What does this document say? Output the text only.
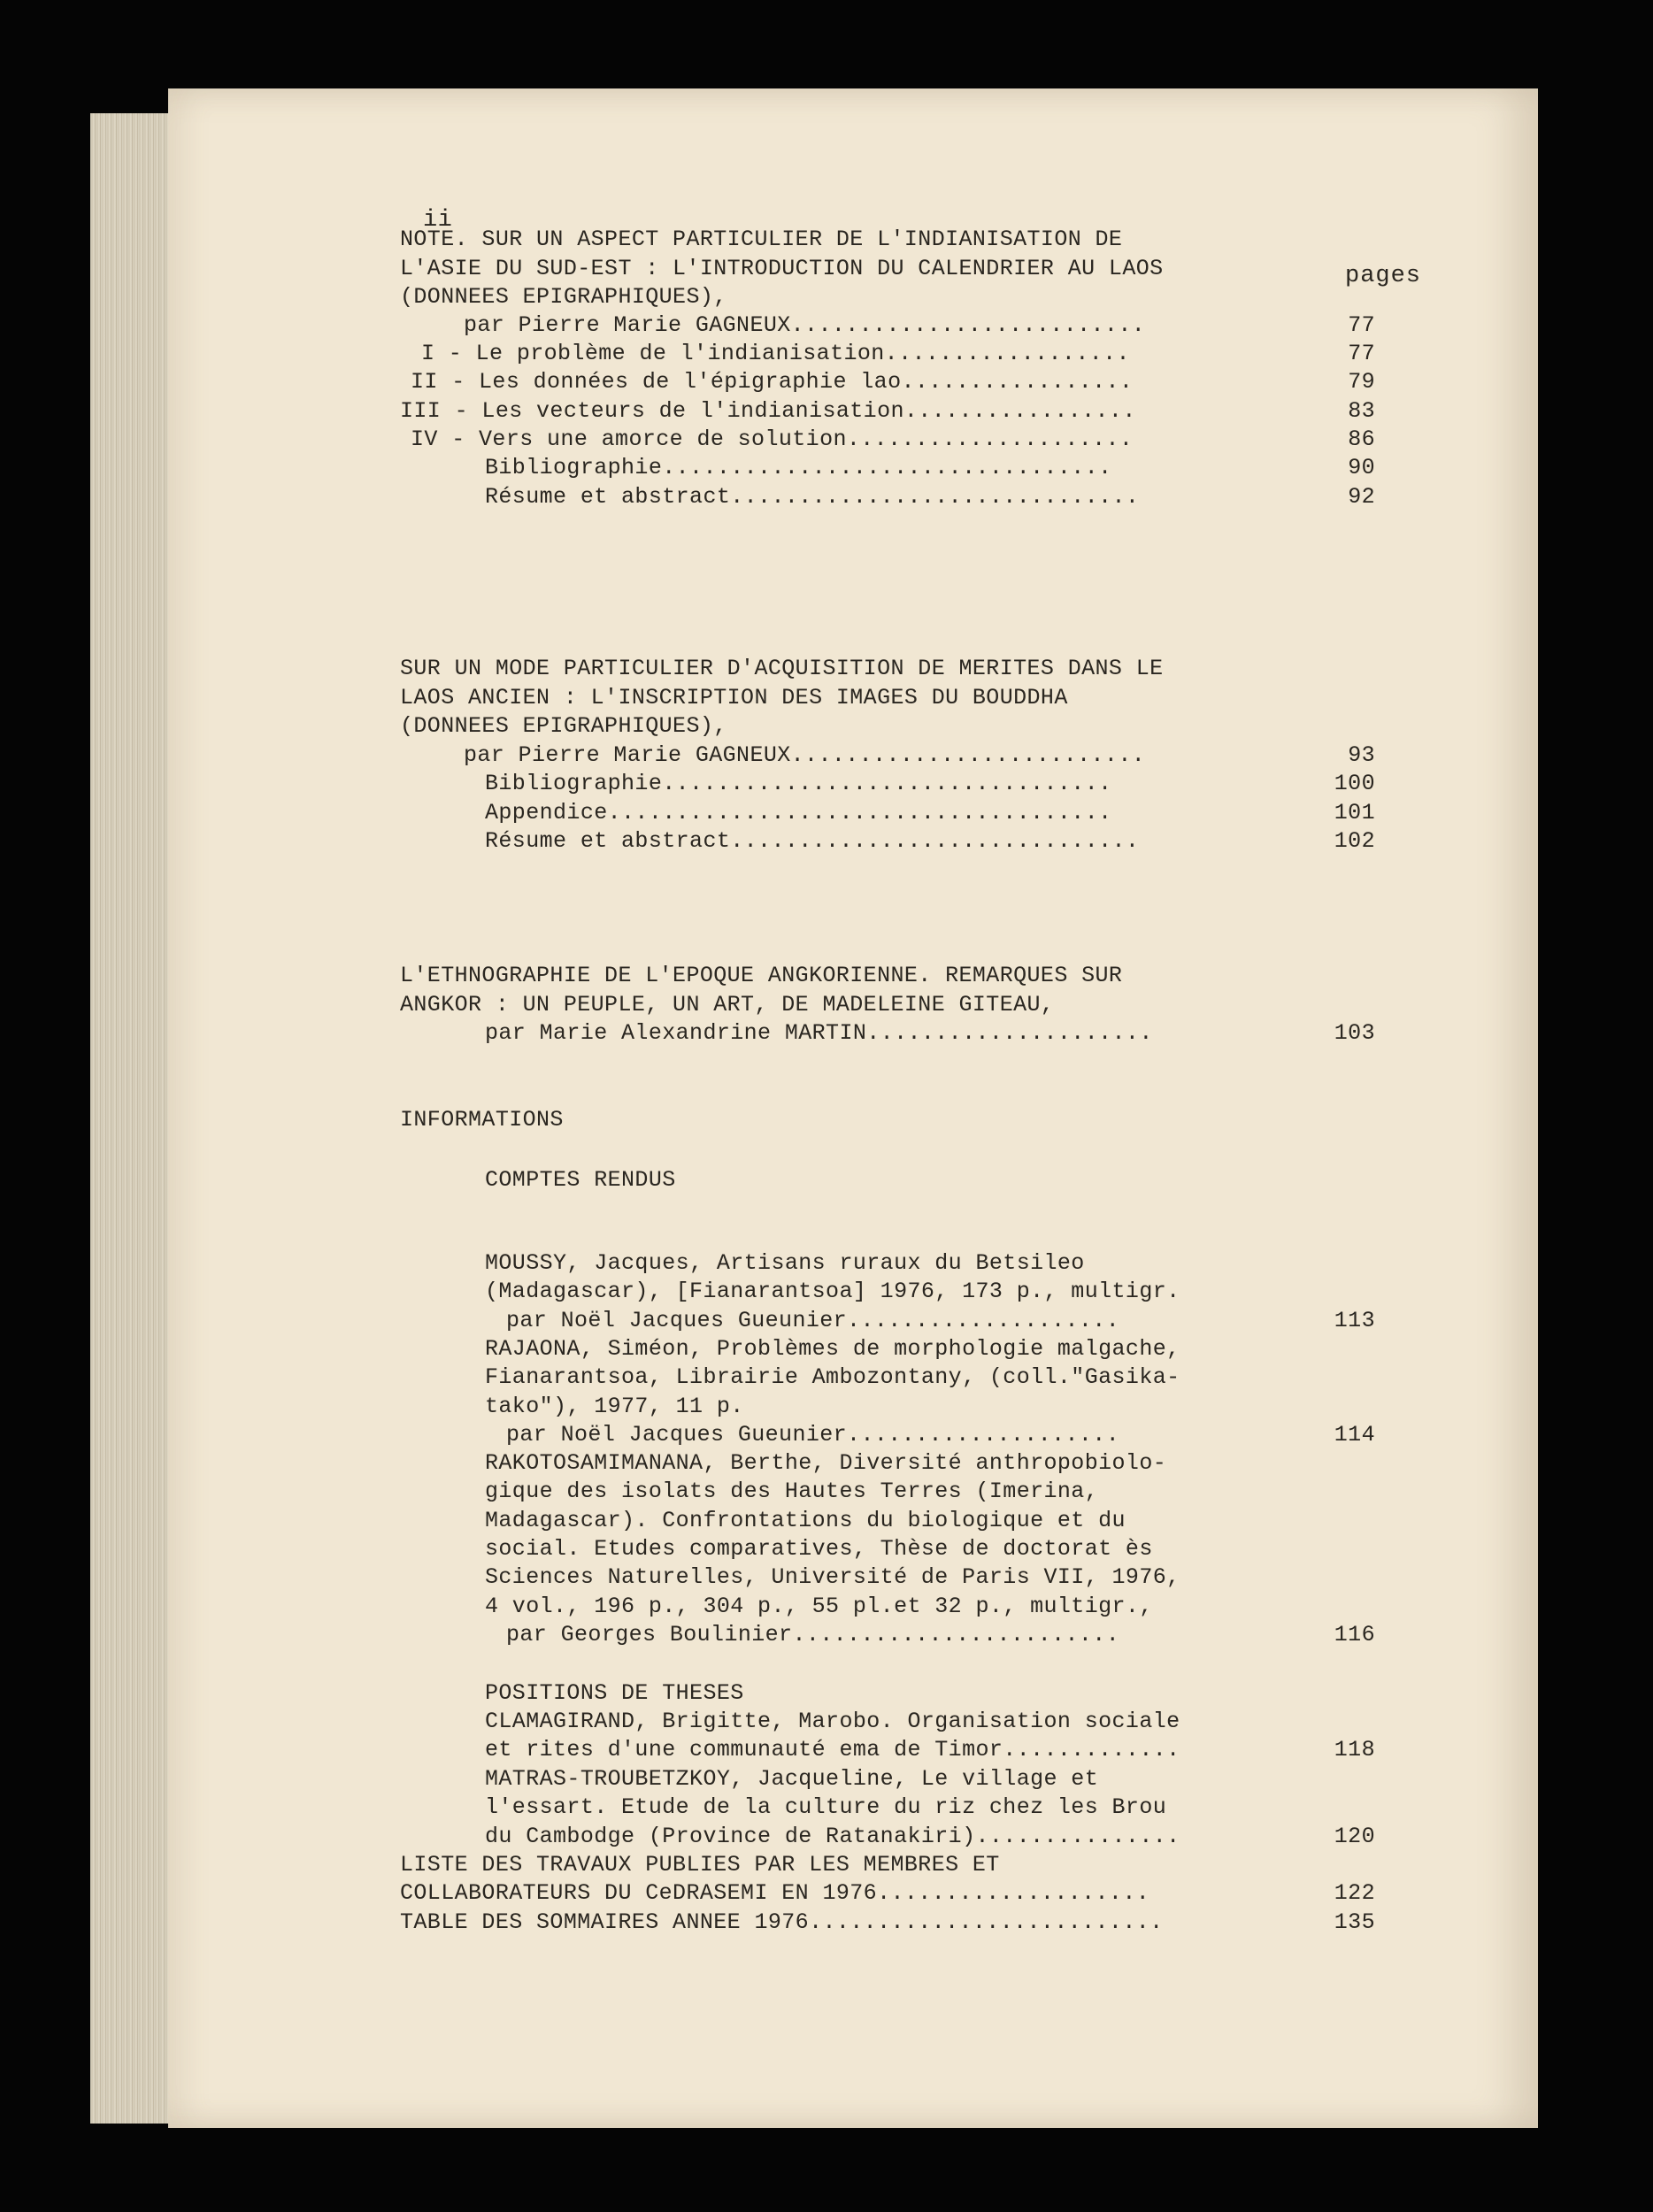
ii
pages
NOTE. SUR UN ASPECT PARTICULIER DE L'INDIANISATION DE
L'ASIE DU SUD-EST : L'INTRODUCTION DU CALENDRIER AU LAOS
(DONNEES EPIGRAPHIQUES),
par Pierre Marie GAGNEUX..........................	77
I - Le problème de l'indianisation..................	77
II - Les données de l'épigraphie lao.................	79
III - Les vecteurs de l'indianisation.................	83
IV - Vers une amorce de solution.....................	86
Bibliographie.................................	90
Résume et abstract..............................	92
SUR UN MODE PARTICULIER D'ACQUISITION DE MERITES DANS LE
LAOS ANCIEN : L'INSCRIPTION DES IMAGES DU BOUDDHA
(DONNEES EPIGRAPHIQUES),
par Pierre Marie GAGNEUX..........................	93
Bibliographie.................................	100
Appendice.....................................	101
Résume et abstract..............................	102
L'ETHNOGRAPHIE DE L'EPOQUE ANGKORIENNE. REMARQUES SUR
ANGKOR : UN PEUPLE, UN ART, DE MADELEINE GITEAU,
par Marie Alexandrine MARTIN.....................	103
INFORMATIONS
COMPTES RENDUS
MOUSSY, Jacques, Artisans ruraux du Betsileo
(Madagascar), [Fianarantsoa] 1976, 173 p., multigr.
par Noël Jacques Gueunier....................	113
RAJAONA, Siméon, Problèmes de morphologie malgache,
Fianarantsoa, Librairie Ambozontany, (coll."Gasika-
tako"), 1977, 11 p.
par Noël Jacques Gueunier....................	114
RAKOTOSAMIMANANA, Berthe, Diversité anthropobiolo-
gique des isolats des Hautes Terres (Imerina,
Madagascar). Confrontations du biologique et du
social. Etudes comparatives, Thèse de doctorat ès
Sciences Naturelles, Université de Paris VII, 1976,
4 vol., 196 p., 304 p., 55 pl.et 32 p., multigr.,
par Georges Boulinier........................	116
POSITIONS DE THESES
CLAMAGIRAND, Brigitte, Marobo. Organisation sociale
et rites d'une communauté ema de Timor.............	118
MATRAS-TROUBETZKOY, Jacqueline, Le village et
l'essart. Etude de la culture du riz chez les Brou
du Cambodge (Province de Ratanakiri)...............	120
LISTE DES TRAVAUX PUBLIES PAR LES MEMBRES ET
COLLABORATEURS DU CeDRASEMI EN 1976....................	122
TABLE DES SOMMAIRES ANNEE 1976..........................	135
